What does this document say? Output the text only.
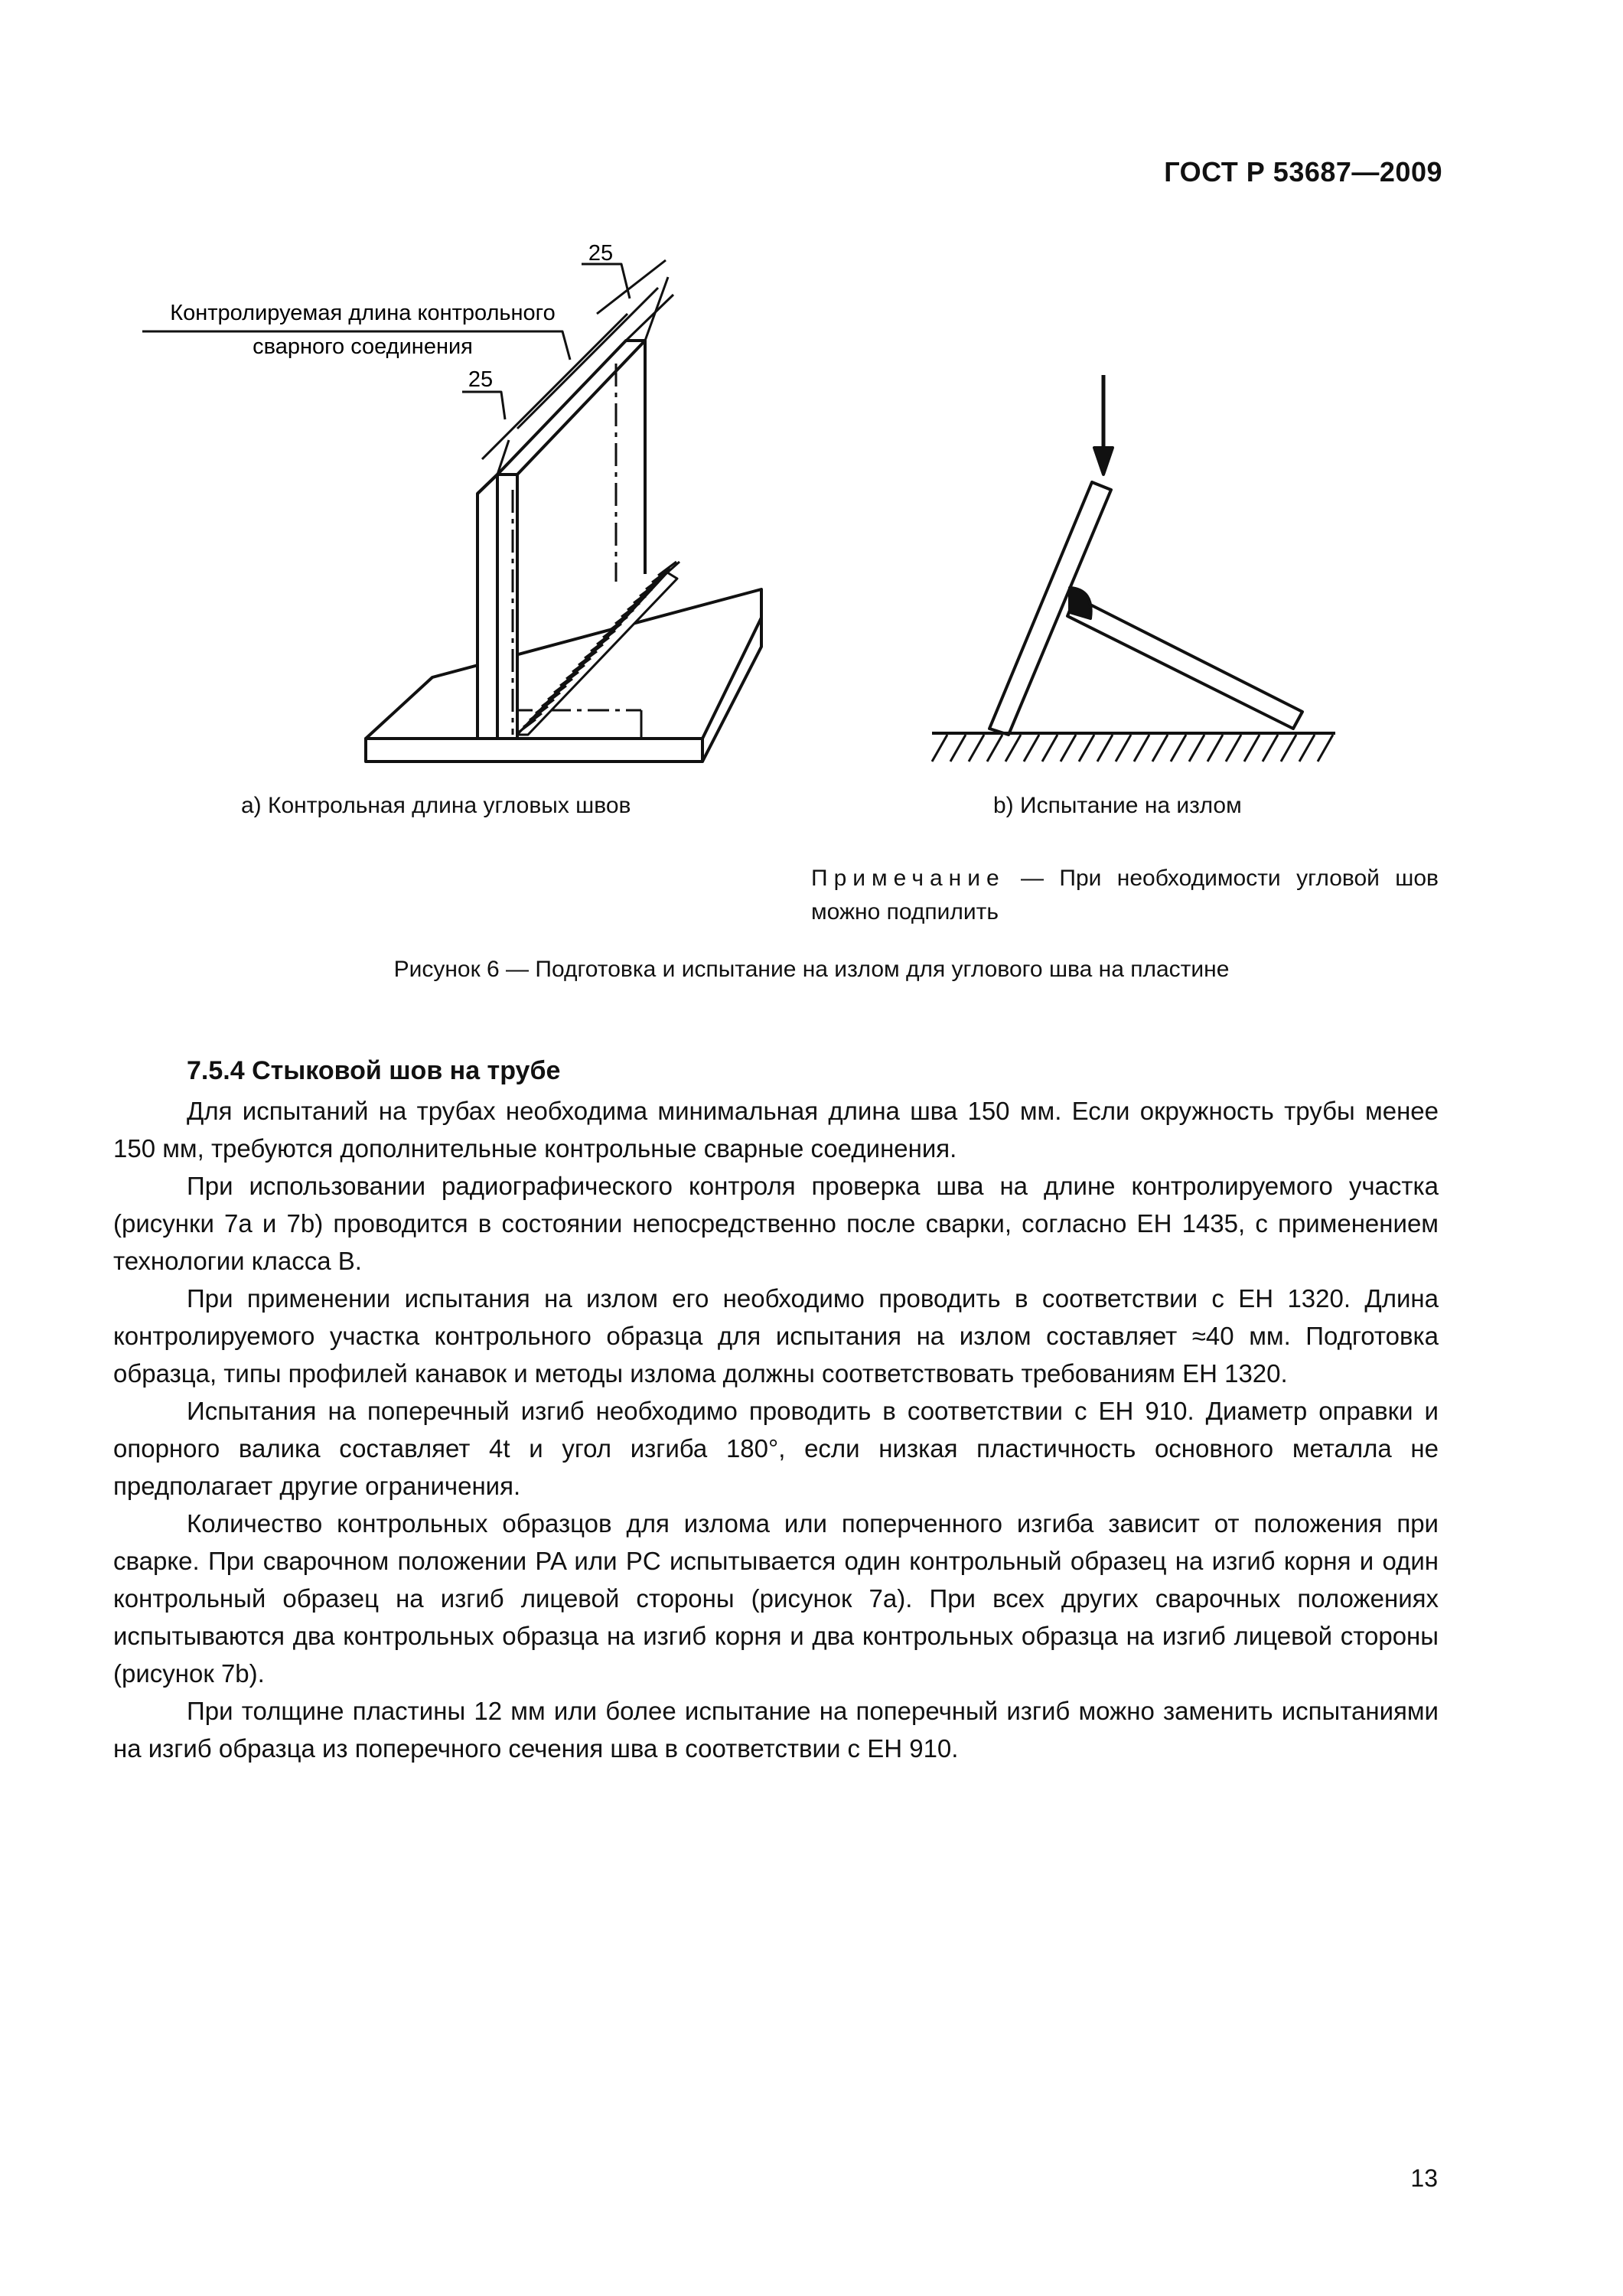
ГОСТ Р 53687—2009
Контролируемая длина контрольного
сварного соединения
25
25
a) Контрольная длина угловых швов	b) Испытание на излом
Примечание — При необходимости угловой шов можно подпилить
Рисунок 6 — Подготовка и испытание на излом для углового шва на пластине
7.5.4 Стыковой шов на трубе

Для испытаний на трубах необходима минимальная длина шва 150 мм. Если окружность трубы менее 150 мм, требуются дополнительные контрольные сварные соединения.

При использовании радиографического контроля проверка шва на длине контролируемого участка (рисунки 7a и 7b) проводится в состоянии непосредственно после сварки, согласно ЕН 1435, с применением технологии класса В.

При применении испытания на излом его необходимо проводить в соответствии с ЕН 1320. Длина контролируемого участка контрольного образца для испытания на излом составляет ≈40 мм. Подготовка образца, типы профилей канавок и методы излома должны соответствовать требованиям ЕН 1320.

Испытания на поперечный изгиб необходимо проводить в соответствии с ЕН 910. Диаметр оправки и опорного валика составляет 4t и угол изгиба 180°, если низкая пластичность основного металла не предполагает другие ограничения.

Количество контрольных образцов для излома или поперченного изгиба зависит от положения при сварке. При сварочном положении PA или PC испытывается один контрольный образец на изгиб корня и один контрольный образец на изгиб лицевой стороны (рисунок 7a). При всех других сварочных положениях испытываются два контрольных образца на изгиб корня и два контрольных образца на изгиб лицевой стороны (рисунок 7b).

При толщине пластины 12 мм или более испытание на поперечный изгиб можно заменить испытаниями на изгиб образца из поперечного сечения шва в соответствии с ЕН 910.

13
